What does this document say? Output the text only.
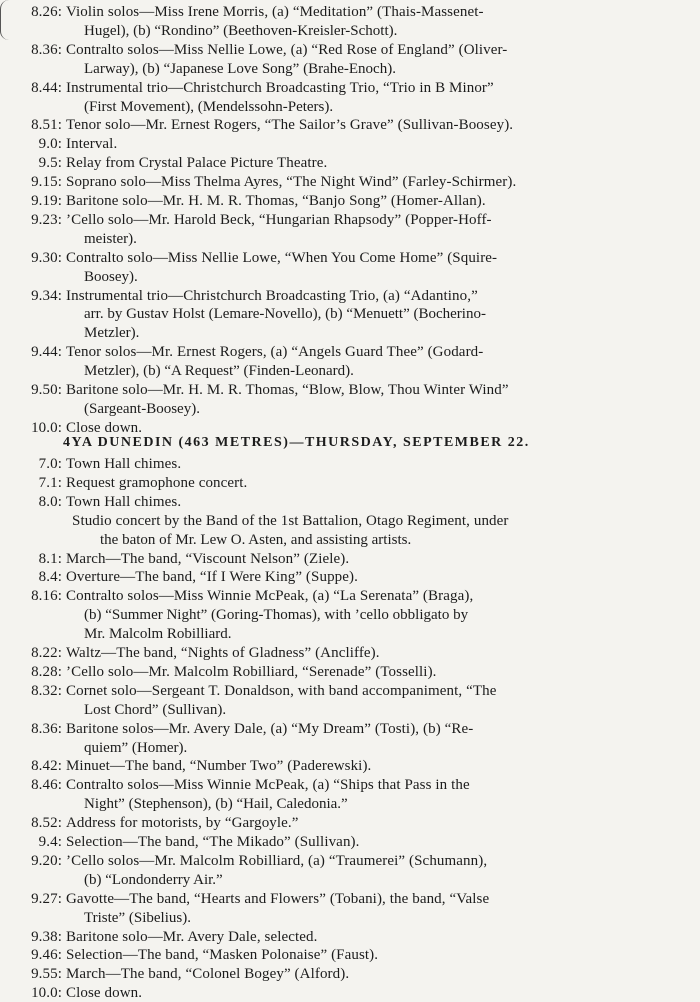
8.26: Violin solos—Miss Irene Morris, (a) “Meditation” (Thais-Massenet-
Hugel), (b) “Rondino” (Beethoven-Kreisler-Schott).
8.36: Contralto solos—Miss Nellie Lowe, (a) “Red Rose of England” (Oliver-
Larway), (b) “Japanese Love Song” (Brahe-Enoch).
8.44: Instrumental trio—Christchurch Broadcasting Trio, “Trio in B Minor”
(First Movement), (Mendelssohn-Peters).
8.51: Tenor solo—Mr. Ernest Rogers, “The Sailor’s Grave” (Sullivan-Boosey).
9.0: Interval.
9.5: Relay from Crystal Palace Picture Theatre.
9.15: Soprano solo—Miss Thelma Ayres, “The Night Wind” (Farley-Schirmer).
9.19: Baritone solo—Mr. H. M. R. Thomas, “Banjo Song” (Homer-Allan).
9.23: ’Cello solo—Mr. Harold Beck, “Hungarian Rhapsody” (Popper-Hoff-
meister).
9.30: Contralto solo—Miss Nellie Lowe, “When You Come Home” (Squire-
Boosey).
9.34: Instrumental trio—Christchurch Broadcasting Trio, (a) “Adantino,”
arr. by Gustav Holst (Lemare-Novello), (b) “Menuett” (Bocherino-
Metzler).
9.44: Tenor solos—Mr. Ernest Rogers, (a) “Angels Guard Thee” (Godard-
Metzler), (b) “A Request” (Finden-Leonard).
9.50: Baritone solo—Mr. H. M. R. Thomas, “Blow, Blow, Thou Winter Wind”
(Sargeant-Boosey).
10.0: Close down.
4YA DUNEDIN (463 METRES)—THURSDAY, SEPTEMBER 22.
7.0: Town Hall chimes.
7.1: Request gramophone concert.
8.0: Town Hall chimes.
Studio concert by the Band of the 1st Battalion, Otago Regiment, under
the baton of Mr. Lew O. Asten, and assisting artists.
8.1: March—The band, “Viscount Nelson” (Ziele).
8.4: Overture—The band, “If I Were King” (Suppe).
8.16: Contralto solos—Miss Winnie McPeak, (a) “La Serenata” (Braga),
(b) “Summer Night” (Goring-Thomas), with ’cello obbligato by
Mr. Malcolm Robilliard.
8.22: Waltz—The band, “Nights of Gladness” (Ancliffe).
8.28: ’Cello solo—Mr. Malcolm Robilliard, “Serenade” (Tosselli).
8.32: Cornet solo—Sergeant T. Donaldson, with band accompaniment, “The
Lost Chord” (Sullivan).
8.36: Baritone solos—Mr. Avery Dale, (a) “My Dream” (Tosti), (b) “Re-
quiem” (Homer).
8.42: Minuet—The band, “Number Two” (Paderewski).
8.46: Contralto solos—Miss Winnie McPeak, (a) “Ships that Pass in the
Night” (Stephenson), (b) “Hail, Caledonia.”
8.52: Address for motorists, by “Gargoyle.”
9.4: Selection—The band, “The Mikado” (Sullivan).
9.20: ’Cello solos—Mr. Malcolm Robilliard, (a) “Traumerei” (Schumann),
(b) “Londonderry Air.”
9.27: Gavotte—The band, “Hearts and Flowers” (Tobani), the band, “Valse
Triste” (Sibelius).
9.38: Baritone solo—Mr. Avery Dale, selected.
9.46: Selection—The band, “Masken Polonaise” (Faust).
9.55: March—The band, “Colonel Bogey” (Alford).
10.0: Close down.
